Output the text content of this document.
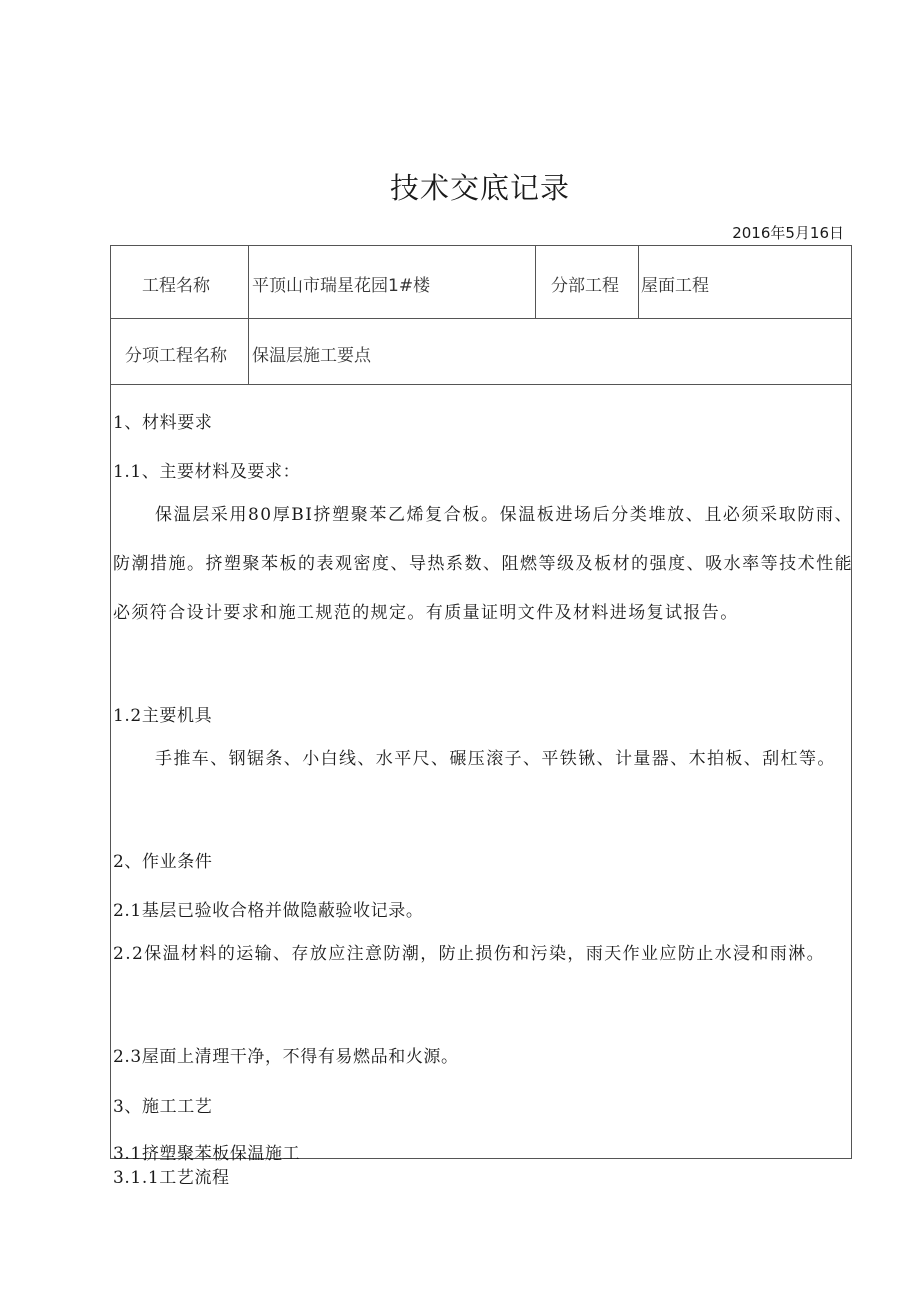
技术交底记录
2016年5月16日
工程名称 平顶山市瑞星花园1#楼	分部工程 屋面工程
分项工程名称 保温层施工要点
1、材料要求
1.1、主要材料及要求：
保温层采用80厚BI挤塑聚苯乙烯复合板。保温板进场后分类堆放、且必须采取防雨、防潮措施。挤塑聚苯板的表观密度、导热系数、阻燃等级及板材的强度、吸水率等技术性能必须符合设计要求和施工规范的规定。有质量证明文件及材料进场复试报告。
1.2主要机具
手推车、钢锯条、小白线、水平尺、碾压滚子、平铁锹、计量器、木拍板、刮杠等。
2、作业条件
2.1基层已验收合格并做隐蔽验收记录。
2.2保温材料的运输、存放应注意防潮，防止损伤和污染，雨天作业应防止水浸和雨淋。
2.3屋面上清理干净，不得有易燃品和火源。
3、施工工艺
3.1挤塑聚苯板保温施工
3.1.1工艺流程
